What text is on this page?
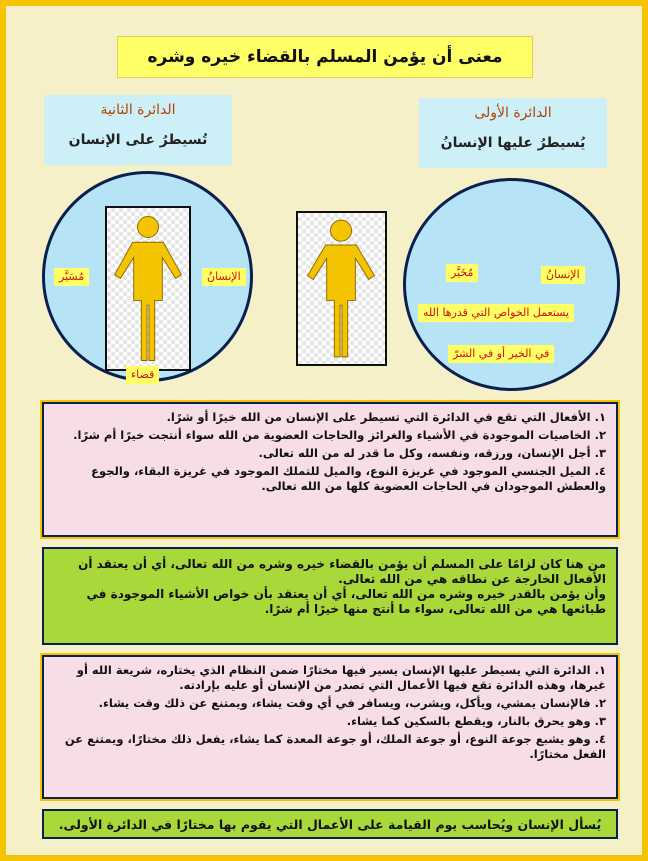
معنى أن يؤمن المسلم بالقضاء خيره وشره
الدائرة الأولى
يُسيطرُ عليها الإنسانُ
الدائرة الثانية
تُسيطرُ على الإنسان
مُسَيَّر	الإنسانُ
قضاء
مُخَيَّر	الإنسانُ
يستعمل الخواص التي قدرها الله
في الخير أو في الشرّ
١. الأفعال التي تقع في الدائرة التي تسيطر على الإنسان من الله خيرًا أو شرًا.
٢. الخاصيات الموجودة في الأشياء والغرائز والحاجات العضوية من الله سواء أنتجت خيرًا أم شرًا.
٣. أجل الإنسان، ورزقه، ونفسه، وكل ما قدر له من الله تعالى.
٤. الميل الجنسي الموجود في غريزة النوع، والميل للتملك الموجود في غريزة البقاء، والجوع والعطش الموجودان في الحاجات العضوية كلها من الله تعالى.
من هنا كان لزامًا على المسلم أن يؤمن بالقضاء خيره وشره من الله تعالى، أي أن يعتقد أن الأفعال الخارجة عن نطاقه هي من الله تعالى.
وأن يؤمن بالقدر خيره وشره من الله تعالى، أي أن يعتقد بأن خواص الأشياء الموجودة في طبائعها هي من الله تعالى، سواء ما أنتج منها خيرًا أم شرًا.
١. الدائرة التي يسيطر عليها الإنسان يسير فيها مختارًا ضمن النظام الذي يختاره، شريعة الله أو غيرها، وهذه الدائرة تقع فيها الأعمال التي تصدر من الإنسان أو عليه بإرادته.
٢. فالإنسان يمشي، ويأكل، ويشرب، ويسافر في أي وقت يشاء، ويمتنع عن ذلك وقت يشاء.
٣. وهو يحرق بالنار، ويقطع بالسكين كما يشاء.
٤. وهو يشبع جوعة النوع، أو جوعة الملك، أو جوعة المعدة كما يشاء، يفعل ذلك مختارًا، ويمتنع عن الفعل مختارًا.
يُسأل الإنسان ويُحاسب يوم القيامة على الأعمال التي يقوم بها مختارًا في الدائرة الأولى.
